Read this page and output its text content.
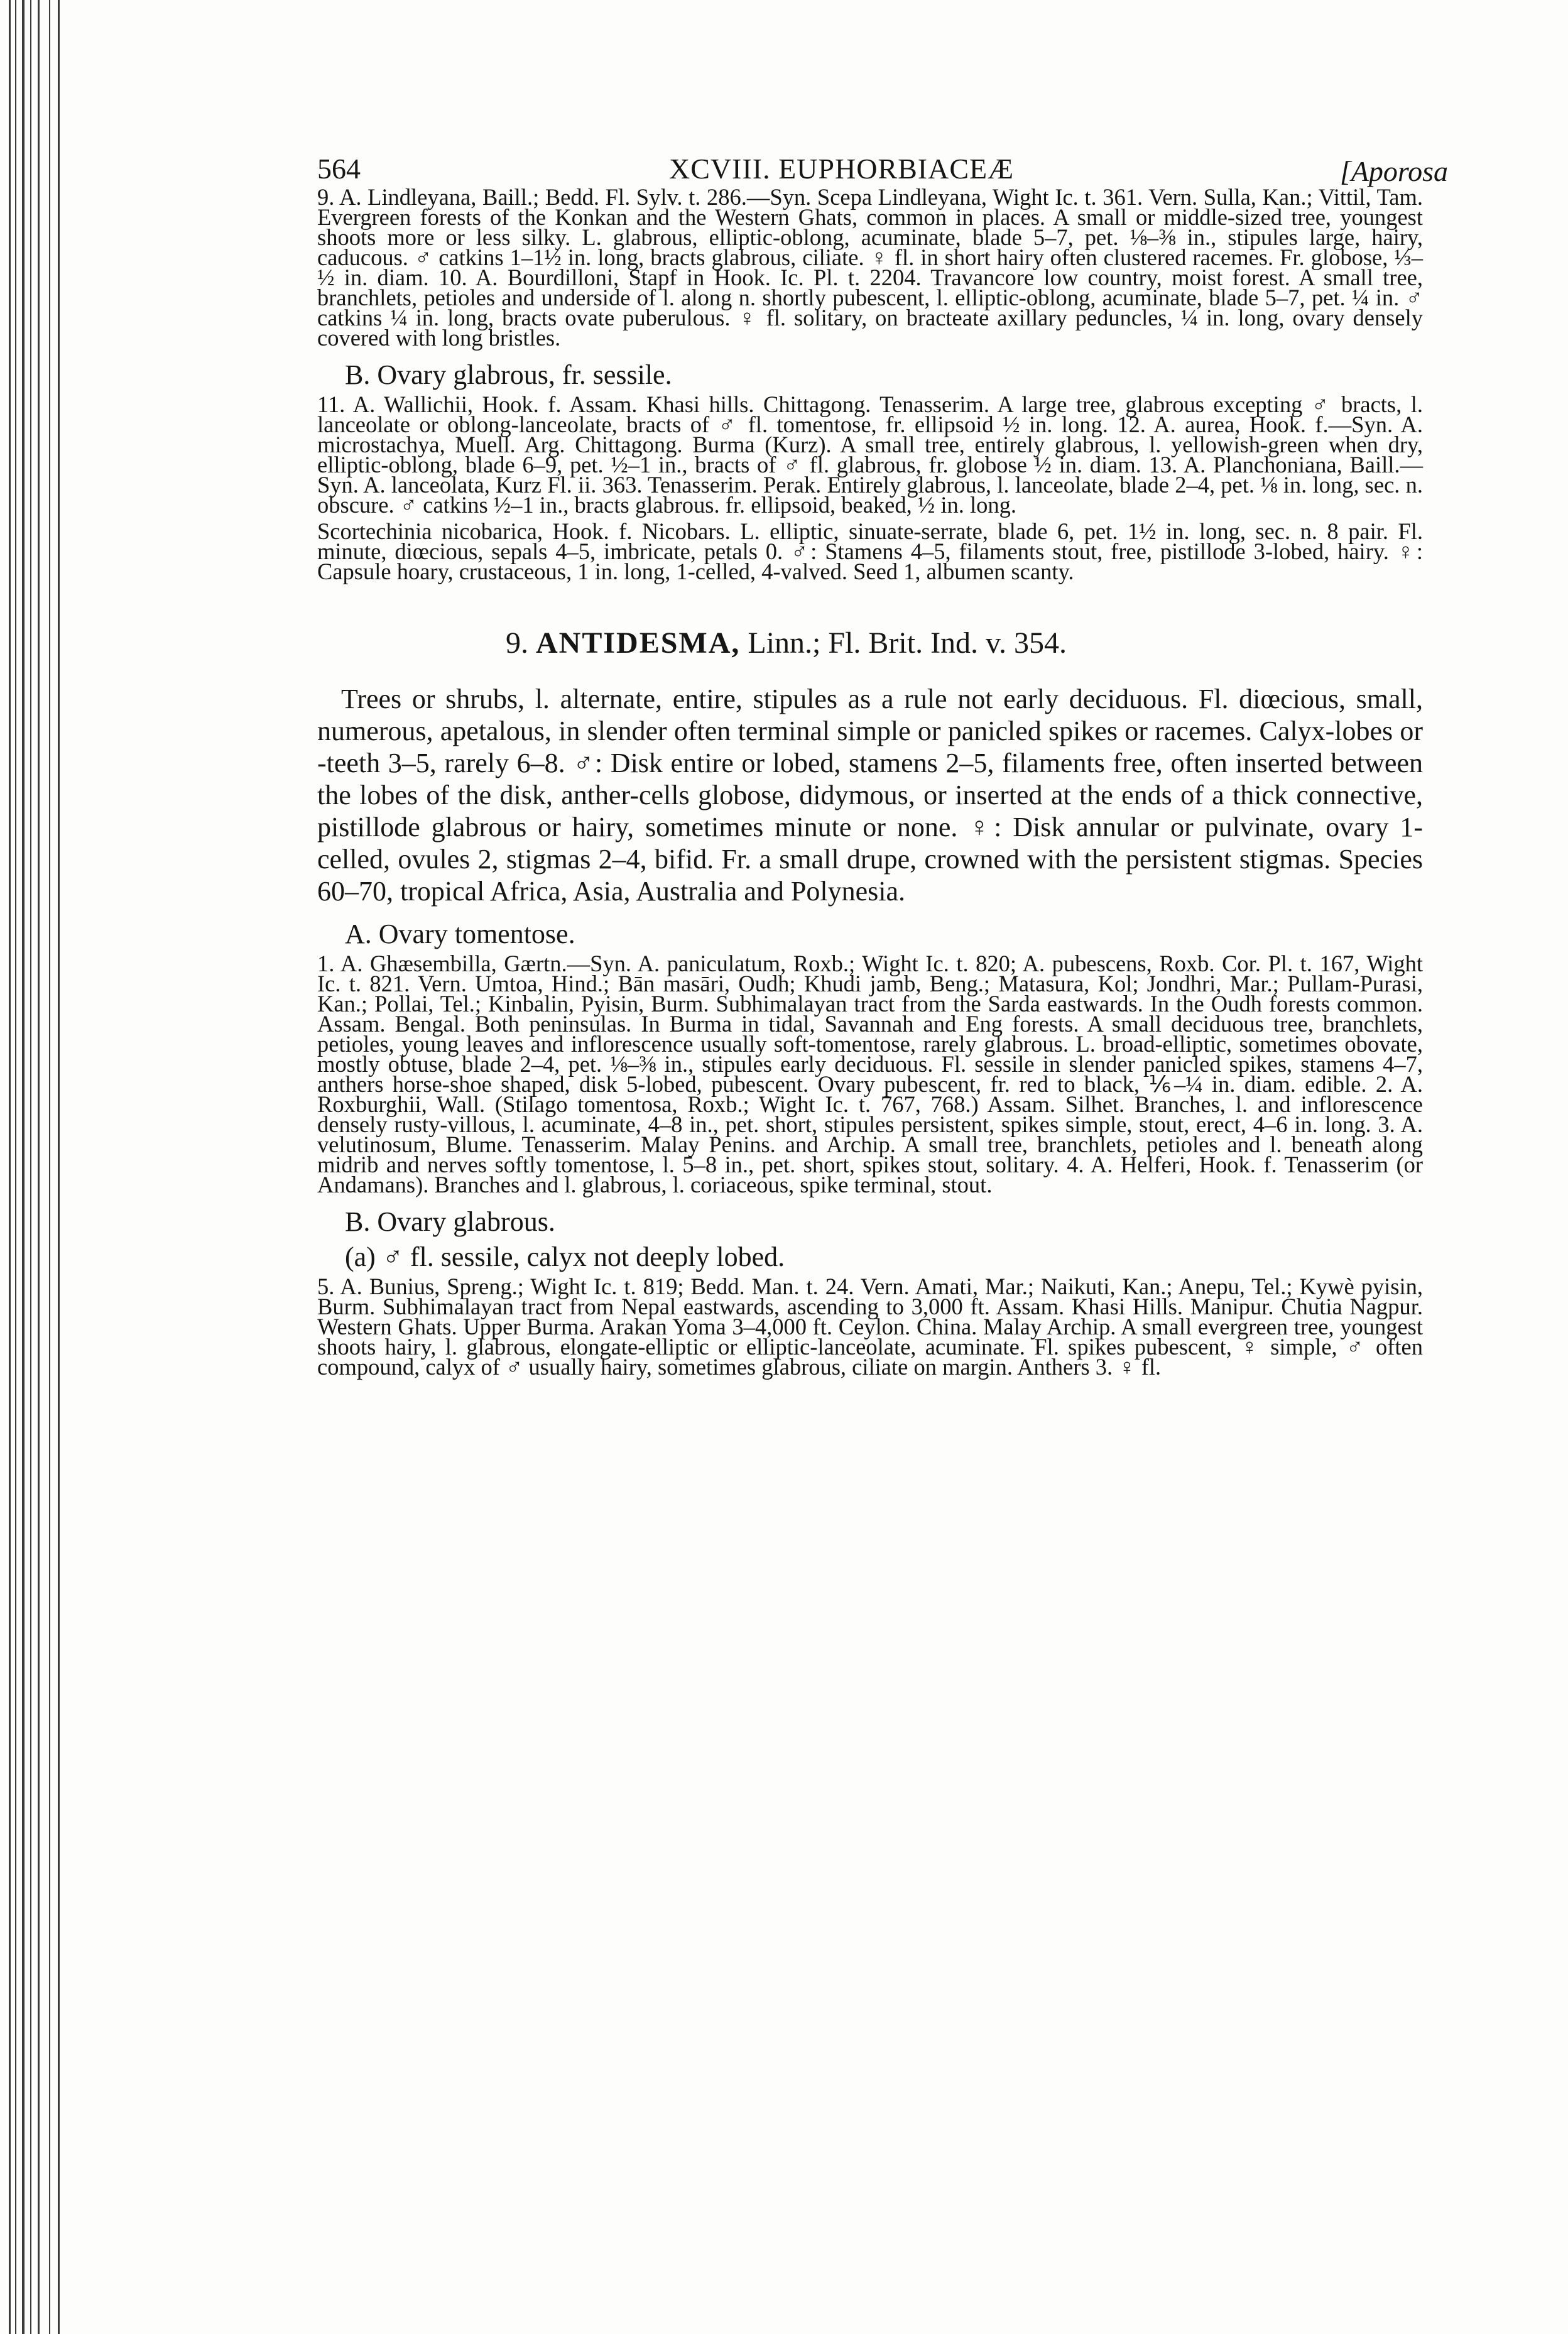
564	XCVIII. EUPHORBIACEÆ	[Aporosa

9. A. Lindleyana, Baill.; Bedd. Fl. Sylv. t. 286.—Syn. Scepa Lindleyana, Wight Ic. t. 361. Vern. Sulla, Kan.; Vittil, Tam. Evergreen forests of the Konkan and the Western Ghats, common in places. A small or middle-sized tree, youngest shoots more or less silky. L. glabrous, elliptic-oblong, acuminate, blade 5–7, pet. ⅛–⅜ in., stipules large, hairy, caducous. ♂ catkins 1–1½ in. long, bracts glabrous, ciliate. ♀ fl. in short hairy often clustered racemes. Fr. globose, ⅓–½ in. diam. 10. A. Bourdilloni, Stapf in Hook. Ic. Pl. t. 2204. Travancore low country, moist forest. A small tree, branchlets, petioles and underside of l. along n. shortly pubescent, l. elliptic-oblong, acuminate, blade 5–7, pet. ¼ in. ♂ catkins ¼ in. long, bracts ovate puberulous. ♀ fl. solitary, on bracteate axillary peduncles, ¼ in. long, ovary densely covered with long bristles.

B. Ovary glabrous, fr. sessile.

11. A. Wallichii, Hook. f. Assam. Khasi hills. Chittagong. Tenasserim. A large tree, glabrous excepting ♂ bracts, l. lanceolate or oblong-lanceolate, bracts of ♂ fl. tomentose, fr. ellipsoid ½ in. long. 12. A. aurea, Hook. f.—Syn. A. microstachya, Muell. Arg. Chittagong. Burma (Kurz). A small tree, entirely glabrous, l. yellowish-green when dry, elliptic-oblong, blade 6–9, pet. ½–1 in., bracts of ♂ fl. glabrous, fr. globose ½ in. diam. 13. A. Planchoniana, Baill.—Syn. A. lanceolata, Kurz Fl. ii. 363. Tenasserim. Perak. Entirely glabrous, l. lanceolate, blade 2–4, pet. ⅛ in. long, sec. n. obscure. ♂ catkins ½–1 in., bracts glabrous. fr. ellipsoid, beaked, ½ in. long.

Scortechinia nicobarica, Hook. f. Nicobars. L. elliptic, sinuate-serrate, blade 6, pet. 1½ in. long, sec. n. 8 pair. Fl. minute, diœcious, sepals 4–5, imbricate, petals 0. ♂: Stamens 4–5, filaments stout, free, pistillode 3-lobed, hairy. ♀: Capsule hoary, crustaceous, 1 in. long, 1-celled, 4-valved. Seed 1, albumen scanty.

9. ANTIDESMA, Linn.; Fl. Brit. Ind. v. 354.

Trees or shrubs, l. alternate, entire, stipules as a rule not early deciduous. Fl. diœcious, small, numerous, apetalous, in slender often terminal simple or panicled spikes or racemes. Calyx-lobes or -teeth 3–5, rarely 6–8. ♂: Disk entire or lobed, stamens 2–5, filaments free, often inserted between the lobes of the disk, anther-cells globose, didymous, or inserted at the ends of a thick connective, pistillode glabrous or hairy, sometimes minute or none. ♀: Disk annular or pulvinate, ovary 1-celled, ovules 2, stigmas 2–4, bifid. Fr. a small drupe, crowned with the persistent stigmas. Species 60–70, tropical Africa, Asia, Australia and Polynesia.

A. Ovary tomentose.

1. A. Ghæsembilla, Gærtn.—Syn. A. paniculatum, Roxb.; Wight Ic. t. 820; A. pubescens, Roxb. Cor. Pl. t. 167, Wight Ic. t. 821. Vern. Umtoa, Hind.; Bān masāri, Oudh; Khudi jamb, Beng.; Matasura, Kol; Jondhri, Mar.; Pullam-Purasi, Kan.; Pollai, Tel.; Kinbalin, Pyisin, Burm. Subhimalayan tract from the Sarda eastwards. In the Oudh forests common. Assam. Bengal. Both peninsulas. In Burma in tidal, Savannah and Eng forests. A small deciduous tree, branchlets, petioles, young leaves and inflorescence usually soft-tomentose, rarely glabrous. L. broad-elliptic, sometimes obovate, mostly obtuse, blade 2–4, pet. ⅛–⅜ in., stipules early deciduous. Fl. sessile in slender panicled spikes, stamens 4–7, anthers horse-shoe shaped, disk 5-lobed, pubescent. Ovary pubescent, fr. red to black, ⅙–¼ in. diam. edible. 2. A. Roxburghii, Wall. (Stilago tomentosa, Roxb.; Wight Ic. t. 767, 768.) Assam. Silhet. Branches, l. and inflorescence densely rusty-villous, l. acuminate, 4–8 in., pet. short, stipules persistent, spikes simple, stout, erect, 4–6 in. long. 3. A. velutinosum, Blume. Tenasserim. Malay Penins. and Archip. A small tree, branchlets, petioles and l. beneath along midrib and nerves softly tomentose, l. 5–8 in., pet. short, spikes stout, solitary. 4. A. Helferi, Hook. f. Tenasserim (or Andamans). Branches and l. glabrous, l. coriaceous, spike terminal, stout.

B. Ovary glabrous.
(a) ♂ fl. sessile, calyx not deeply lobed.

5. A. Bunius, Spreng.; Wight Ic. t. 819; Bedd. Man. t. 24. Vern. Amati, Mar.; Naikuti, Kan.; Anepu, Tel.; Kywè pyisin, Burm. Subhimalayan tract from Nepal eastwards, ascending to 3,000 ft. Assam. Khasi Hills. Manipur. Chutia Nagpur. Western Ghats. Upper Burma. Arakan Yoma 3–4,000 ft. Ceylon. China. Malay Archip. A small evergreen tree, youngest shoots hairy, l. glabrous, elongate-elliptic or elliptic-lanceolate, acuminate. Fl. spikes pubescent, ♀ simple, ♂ often compound, calyx of ♂ usually hairy, sometimes glabrous, ciliate on margin. Anthers 3. ♀ fl.
